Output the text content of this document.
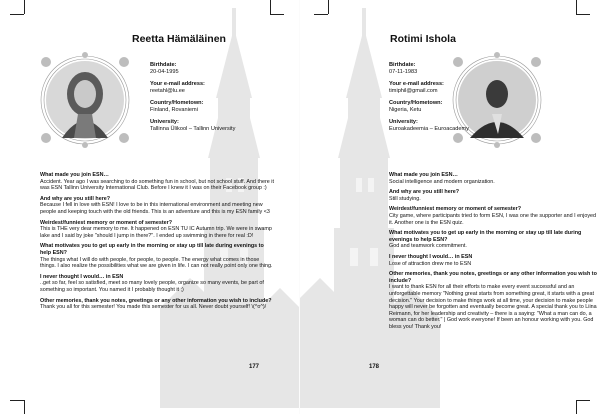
Reetta Hämäläinen
Birthdate:
20-04-1995
Your e-mail address:
reetahl@lu.ee
Country/Hometown:
Finland, Rovaniemi
University:
Tallinna Ülikool – Tallinn University
What made you join ESN…
Accident. Year ago I was searching to do something fun in school, but not school stuff. And there it was ESN Tallinn University International Club. Before I knew it I was on their Facebook group :)
And why are you still here?
Because I fell in love with ESN! I love to be in this international environment and meeting new people and keeping touch with the old friends. This is an adventure and this is my ESN family <3
Weirdest/funniest memory or moment of semester?
This is THE very dear memory to me. It happened on ESN TU IC Autumn trip. We were in swamp lake and I said by joke "should I jump in there?". I ended up swimming in there for real :D!
What motivates you to get up early in the morning or stay up till late during evenings to help ESN?
The things what I will do with people, for people, to people. The energy what comes in those things. I also realize the possibilities what we are given in life. I can not really point only one thing.
I never thought I would… in ESN
..get so far, feel so satisfied, meet so many lovely people, organize so many events, be part of something so important. You named it I probably thought it ;)
Other memories, thank you notes, greetings or any other information you wish to include?
Thank you all for this semester! You made this semester for us all. Never doubt yourself! \(^o^)/
177
Rotimi Ishola
Birthdate:
07-11-1983
Your e-mail address:
timiphil@gmail.com
Country/Hometown:
Nigeria, Ketu
University:
Euroakadeemia – Euroacademy
What made you join ESN…
Social intelligence and modern organization.
And why are you still here?
Still studying.
Weirdest/funniest memory or moment of semester?
City game, where participants tried to form ESN, I was one the supporter and I enjoyed it. Another one is the ESN quiz.
What motivates you to get up early in the morning or stay up till late during evenings to help ESN?
God and teamwork commitment.
I never thought I would… in ESN
Lose of attraction drew me to ESN
Other memories, thank you notes, greetings or any other information you wish to include?
I want to thank ESN for all their efforts to make every event successful and an unforgettable memory "Nothing great starts from something great, it starts with a great decision." Your decision to make things work at all time, your decision to make people happy will never be forgotten and eventually become great. A special thank you to Liina Reimann, for her leadership and creativity – there is a saying: "What a man can do, a woman can do better." | God work everyone! If been an honour working with you. God bless you! Thank you!
178
